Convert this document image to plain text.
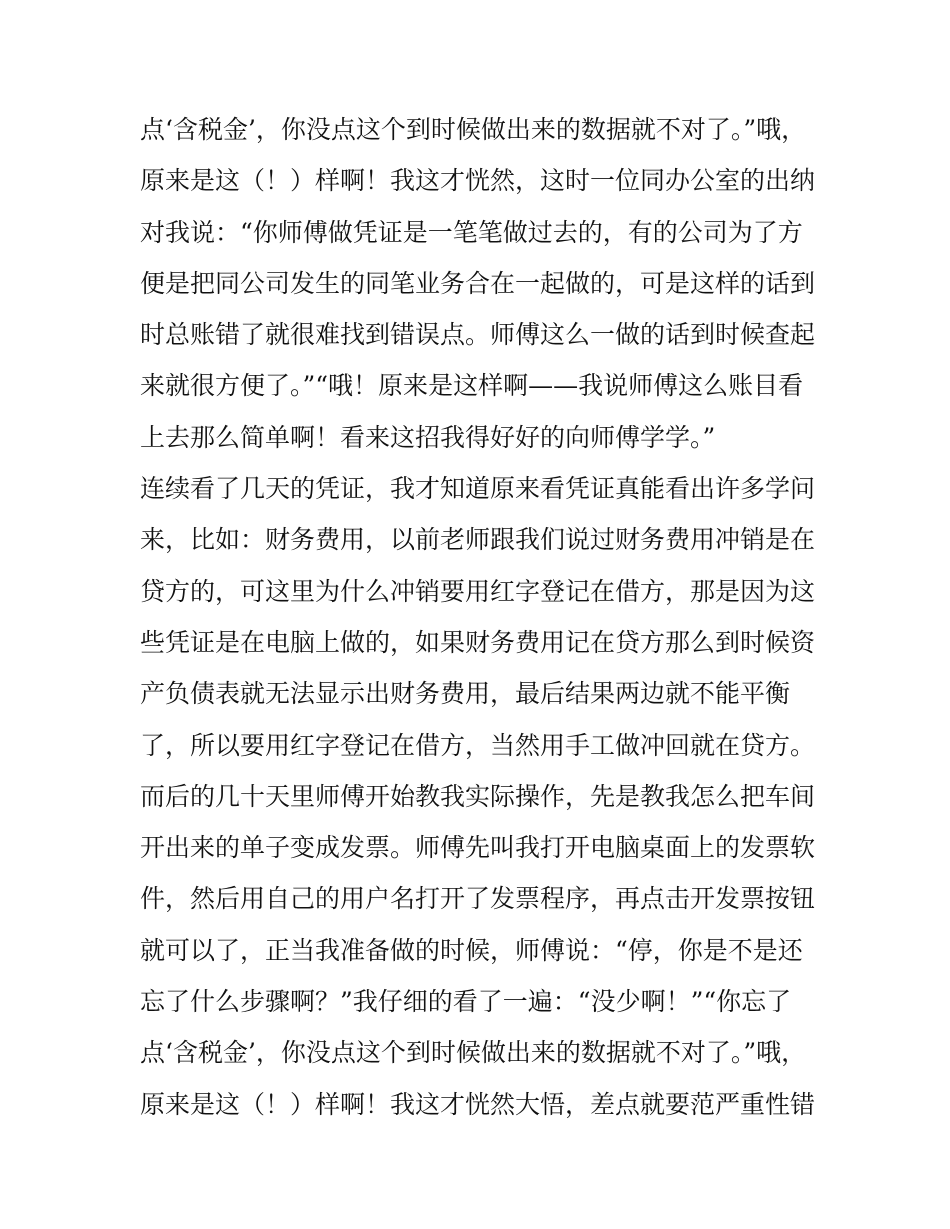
点‘含税金’，你没点这个到时候做出来的数据就不对了。”哦，
原来是这（！）样啊！我这才恍然，这时一位同办公室的出纳
对我说：“你师傅做凭证是一笔笔做过去的，有的公司为了方
便是把同公司发生的同笔业务合在一起做的，可是这样的话到
时总账错了就很难找到错误点。师傅这么一做的话到时候查起
来就很方便了。”“哦！原来是这样啊——我说师傅这么账目看
上去那么简单啊！看来这招我得好好的向师傅学学。”
连续看了几天的凭证，我才知道原来看凭证真能看出许多学问
来，比如：财务费用，以前老师跟我们说过财务费用冲销是在
贷方的，可这里为什么冲销要用红字登记在借方，那是因为这
些凭证是在电脑上做的，如果财务费用记在贷方那么到时候资
产负债表就无法显示出财务费用，最后结果两边就不能平衡
了，所以要用红字登记在借方，当然用手工做冲回就在贷方。
而后的几十天里师傅开始教我实际操作，先是教我怎么把车间
开出来的单子变成发票。师傅先叫我打开电脑桌面上的发票软
件，然后用自己的用户名打开了发票程序，再点击开发票按钮
就可以了，正当我准备做的时候，师傅说：“停，你是不是还
忘了什么步骤啊？”我仔细的看了一遍：“没少啊！”“你忘了
点‘含税金’，你没点这个到时候做出来的数据就不对了。”哦，
原来是这（！）样啊！我这才恍然大悟，差点就要范严重性错
